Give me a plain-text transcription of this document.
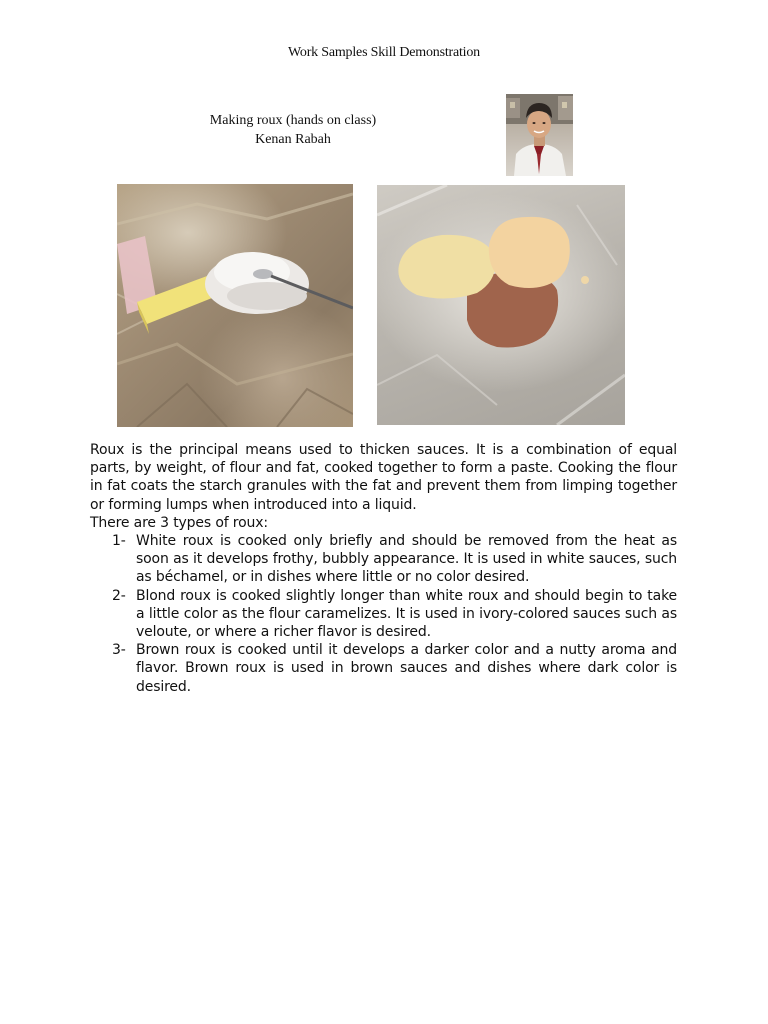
Work Samples Skill Demonstration
Making roux (hands on class)
Kenan Rabah

Roux is the principal means used to thicken sauces. It is a combination of equal parts, by weight, of flour and fat, cooked together to form a paste. Cooking the flour in fat coats the starch granules with the fat and prevent them from limping together or forming lumps when introduced into a liquid.

There are 3 types of roux:

1- White roux is cooked only briefly and should be removed from the heat as soon as it develops frothy, bubbly appearance. It is used in white sauces, such as béchamel, or in dishes where little or no color desired.
2- Blond roux is cooked slightly longer than white roux and should begin to take a little color as the flour caramelizes. It is used in ivory-colored sauces such as veloute, or where a richer flavor is desired.
3- Brown roux is cooked until it develops a darker color and a nutty aroma and flavor. Brown roux is used in brown sauces and dishes where dark color is desired.
